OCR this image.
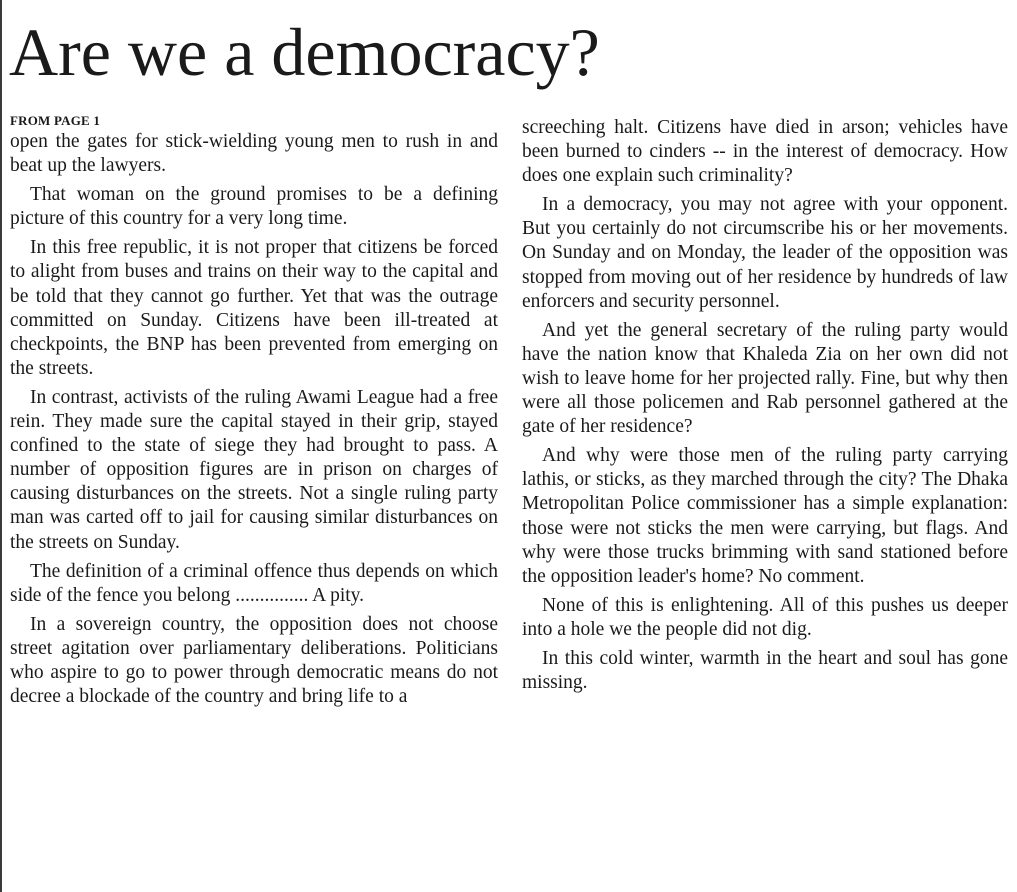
Are we a democracy?

FROM PAGE 1

open the gates for stick-wielding young men to rush in and beat up the lawyers.

That woman on the ground promises to be a defining picture of this country for a very long time.

In this free republic, it is not proper that citizens be forced to alight from buses and trains on their way to the capital and be told that they cannot go further. Yet that was the outrage committed on Sunday. Citizens have been ill-treated at checkpoints, the BNP has been prevented from emerging on the streets.

In contrast, activists of the ruling Awami League had a free rein. They made sure the capital stayed in their grip, stayed confined to the state of siege they had brought to pass. A number of opposition figures are in prison on charges of causing disturbances on the streets. Not a single ruling party man was carted off to jail for causing similar disturbances on the streets on Sunday.

The definition of a criminal offence thus depends on which side of the fence you belong ............... A pity.

In a sovereign country, the opposition does not choose street agitation over parliamentary deliberations. Politicians who aspire to go to power through democratic means do not decree a blockade of the country and bring life to a

screeching halt. Citizens have died in arson; vehicles have been burned to cinders -- in the interest of democracy. How does one explain such criminality?

In a democracy, you may not agree with your opponent. But you certainly do not circumscribe his or her movements. On Sunday and on Monday, the leader of the opposition was stopped from moving out of her residence by hundreds of law enforcers and security personnel.

And yet the general secretary of the ruling party would have the nation know that Khaleda Zia on her own did not wish to leave home for her projected rally. Fine, but why then were all those policemen and Rab personnel gathered at the gate of her residence?

And why were those men of the ruling party carrying lathis, or sticks, as they marched through the city? The Dhaka Metropolitan Police commissioner has a simple explanation: those were not sticks the men were carrying, but flags. And why were those trucks brimming with sand stationed before the opposition leader's home? No comment.

None of this is enlightening. All of this pushes us deeper into a hole we the people did not dig.

In this cold winter, warmth in the heart and soul has gone missing.
